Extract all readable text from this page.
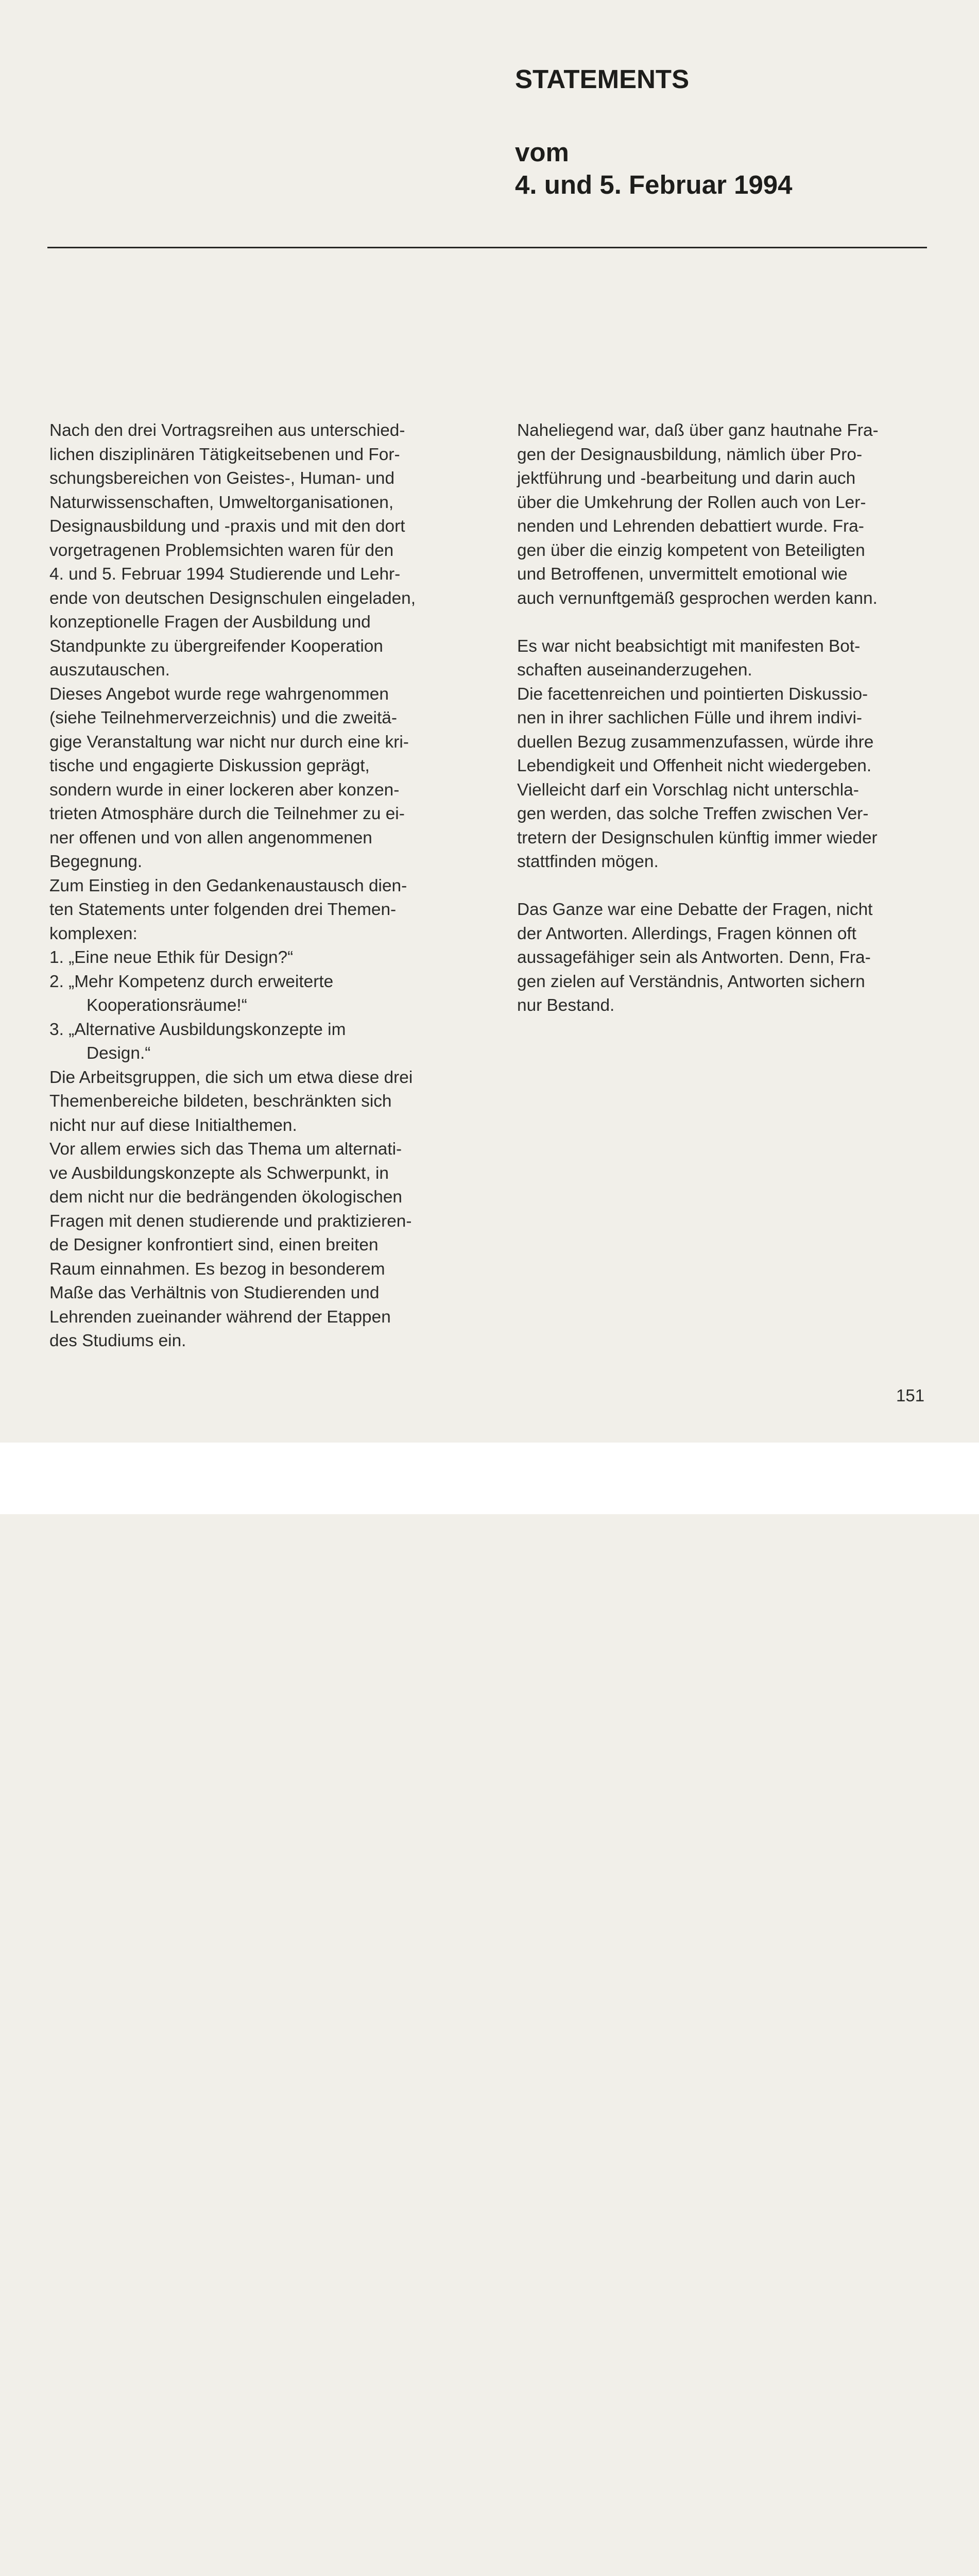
STATEMENTS
vom
4. und 5. Februar 1994

Nach den drei Vortragsreihen aus unterschied-

lichen disziplinären Tätigkeitsebenen und For-

schungsbereichen von Geistes-, Human- und

Naturwissenschaften, Umweltorganisationen,

Designausbildung und -praxis und mit den dort

vorgetragenen Problemsichten waren für den

4. und 5. Februar 1994 Studierende und Lehr-

ende von deutschen Designschulen eingeladen,

konzeptionelle Fragen der Ausbildung und

Standpunkte zu übergreifender Kooperation

auszutauschen.

Dieses Angebot wurde rege wahrgenommen

(siehe Teilnehmerverzeichnis) und die zweitä-

gige Veranstaltung war nicht nur durch eine kri-

tische und engagierte Diskussion geprägt,

sondern wurde in einer lockeren aber konzen-

trieten Atmosphäre durch die Teilnehmer zu ei-

ner offenen und von allen angenommenen

Begegnung.

Zum Einstieg in den Gedankenaustausch dien-

ten Statements unter folgenden drei Themen-

komplexen:

1. „Eine neue Ethik für Design?“

2. „Mehr Kompetenz durch erweiterte

Kooperationsräume!“

3. „Alternative Ausbildungskonzepte im

Design.“

Die Arbeitsgruppen, die sich um etwa diese drei

Themenbereiche bildeten, beschränkten sich

nicht nur auf diese Initialthemen.

Vor allem erwies sich das Thema um alternati-

ve Ausbildungskonzepte als Schwerpunkt, in

dem nicht nur die bedrängenden ökologischen

Fragen mit denen studierende und praktizieren-

de Designer konfrontiert sind, einen breiten

Raum einnahmen. Es bezog in besonderem

Maße das Verhältnis von Studierenden und

Lehrenden zueinander während der Etappen

des Studiums ein.

Naheliegend war, daß über ganz hautnahe Fra-

gen der Designausbildung, nämlich über Pro-

jektführung und -bearbeitung und darin auch

über die Umkehrung der Rollen auch von Ler-

nenden und Lehrenden debattiert wurde. Fra-

gen über die einzig kompetent von Beteiligten

und Betroffenen, unvermittelt emotional wie

auch vernunftgemäß gesprochen werden kann.

Es war nicht beabsichtigt mit manifesten Bot-

schaften auseinanderzugehen.

Die facettenreichen und pointierten Diskussio-

nen in ihrer sachlichen Fülle und ihrem indivi-

duellen Bezug zusammenzufassen, würde ihre

Lebendigkeit und Offenheit nicht wiedergeben.

Vielleicht darf ein Vorschlag nicht unterschla-

gen werden, das solche Treffen zwischen Ver-

tretern der Designschulen künftig immer wieder

stattfinden mögen.

Das Ganze war eine Debatte der Fragen, nicht

der Antworten. Allerdings, Fragen können oft

aussagefähiger sein als Antworten. Denn, Fra-

gen zielen auf Verständnis, Antworten sichern

nur Bestand.

151
